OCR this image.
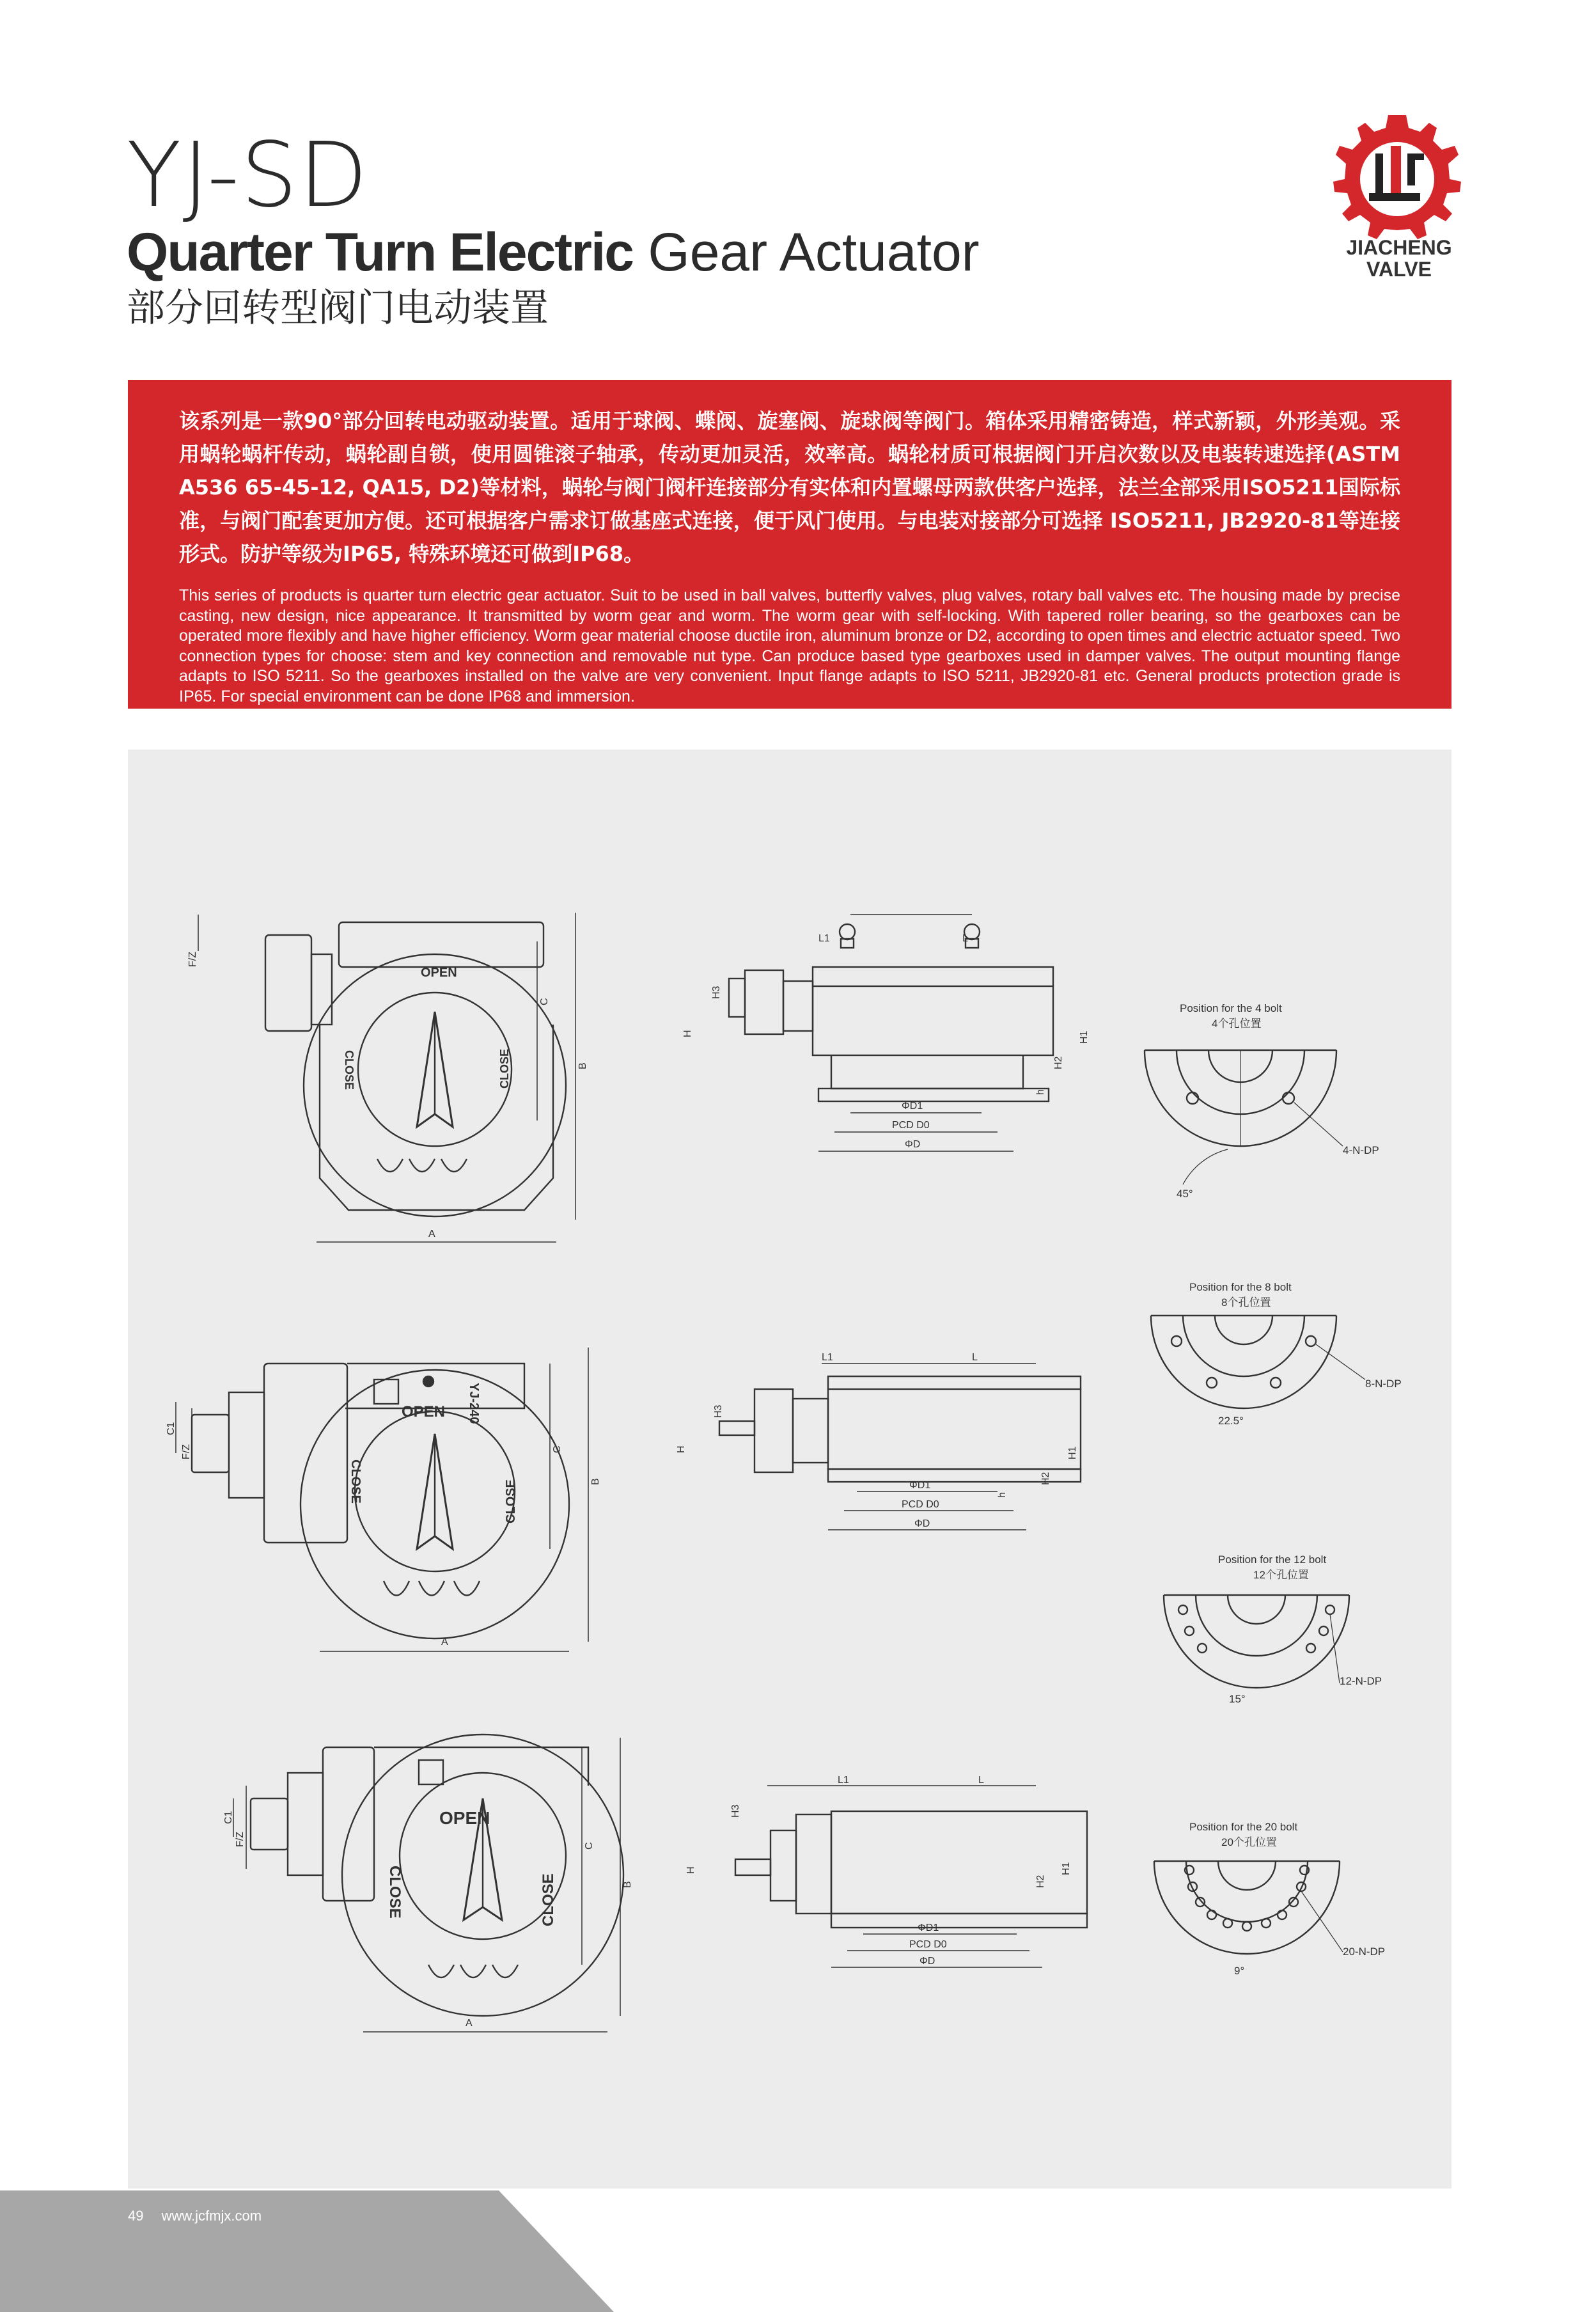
YJ-SD
Quarter Turn Electric Gear Actuator
部分回转型阀门电动装置
JIACHENG
VALVE
该系列是一款90°部分回转电动驱动装置。适用于球阀、蝶阀、旋塞阀、旋球阀等阀门。箱体采用精密铸造，样式新颖，外形美观。采用蜗轮蜗杆传动，蜗轮副自锁，使用圆锥滚子轴承，传动更加灵活，效率高。蜗轮材质可根据阀门开启次数以及电装转速选择(ASTM A536 65-45-12, QA15, D2)等材料，蜗轮与阀门阀杆连接部分有实体和内置螺母两款供客户选择，法兰全部采用ISO5211国际标准，与阀门配套更加方便。还可根据客户需求订做基座式连接，便于风门使用。与电装对接部分可选择 ISO5211, JB2920-81等连接形式。防护等级为IP65, 特殊环境还可做到IP68。
This series of products is quarter turn electric gear actuator. Suit to be used in ball valves, butterfly valves, plug valves, rotary ball valves etc. The housing made by precise casting, new design, nice appearance. It transmitted by worm gear and worm. The worm gear with self-locking. With tapered roller bearing, so the gearboxes can be operated more flexibly and have higher efficiency. Worm gear material choose ductile iron, aluminum bronze or D2, according to open times and electric actuator speed. Two connection types for choose: stem and key connection and removable nut type. Can produce based type gearboxes used in damper valves. The output mounting flange adapts to ISO 5211. So the gearboxes installed on the valve are very convenient. Input flange adapts to ISO 5211, JB2920-81 etc. General products protection grade is IP65. For special environment can be done IP68 and immersion.
OPEN
CLOSE	CLOSE
F/Z
C
B
A
OPEN YJ-240
CLOSE	CLOSE
C1
F/Z	C
B
A
OPEN
CLOSE	CLOSE
C1
F/Z	C
B
A
L1	L
H3
H
H2
H1
h
ΦD1
PCD D0
ΦD
L1	L
H3
H
H2
H1
h
ΦD1
PCD D0
ΦD
L1	L
H3
H
H2
H1
ΦD1
PCD D0
ΦD
Position for the 4 bolt
4个孔位置
4-N-DP
45°
Position for the 8 bolt
8个孔位置
8-N-DP
22.5°
Position for the 12 bolt
12个孔位置
12-N-DP
15°
Position for the 20 bolt
20个孔位置
20-N-DP
9°
49 www.jcfmjx.com
